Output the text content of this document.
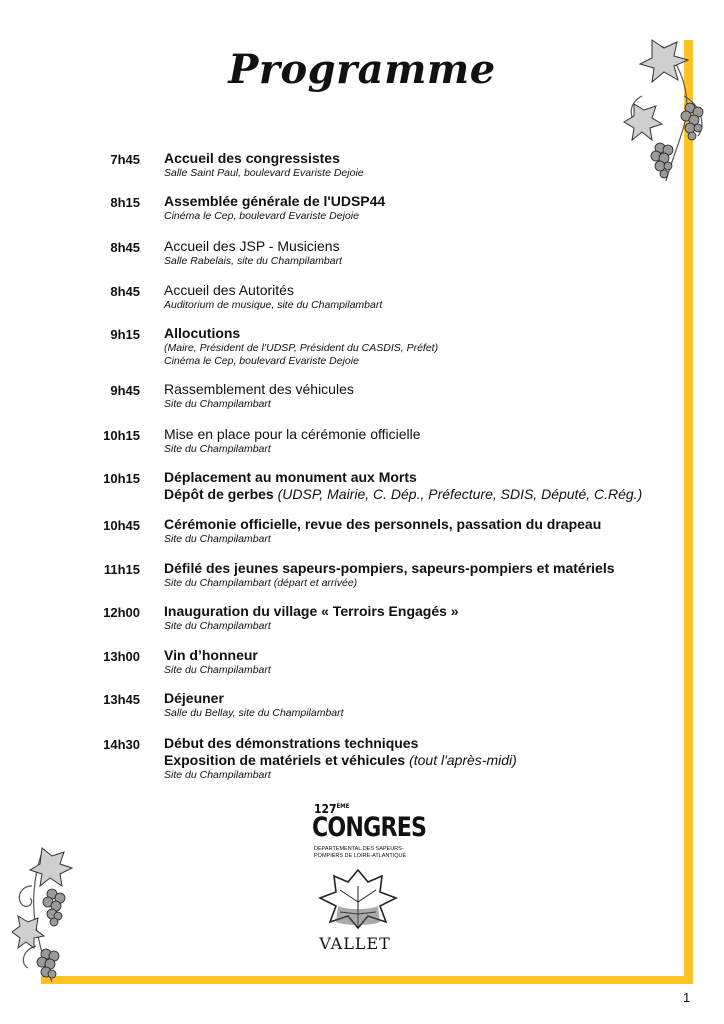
Programme
7h45	Accueil des congressistes
Salle Saint Paul, boulevard Evariste Dejoie
8h15	Assemblée générale de l'UDSP44
Cinéma le Cep, boulevard Evariste Dejoie
8h45	Accueil des JSP - Musiciens
Salle Rabelais, site du Champilambart
8h45	Accueil des Autorités
Auditorium de musique, site du Champilambart
9h15	Allocutions
(Maire, Président de l’UDSP, Président du CASDIS, Préfet)
Cinéma le Cep, boulevard Evariste Dejoie
9h45	Rassemblement des véhicules
Site du Champilambart
10h15	Mise en place pour la cérémonie officielle
Site du Champilambart
10h15	Déplacement au monument aux Morts
Dépôt de gerbes (UDSP, Mairie, C. Dép., Préfecture, SDIS, Député, C.Rég.)
10h45	Cérémonie officielle, revue des personnels, passation du drapeau
Site du Champilambart
11h15	Défilé des jeunes sapeurs-pompiers, sapeurs-pompiers et matériels
Site du Champilambart (départ et arrivée)
12h00	Inauguration du village « Terroirs Engagés »
Site du Champilambart
13h00	Vin d’honneur
Site du Champilambart
13h45	Déjeuner
Salle du Bellay, site du Champilambart
14h30	Début des démonstrations techniques
Exposition de matériels et véhicules (tout l'après-midi)
Site du Champilambart
127ÈME
CONGRES
DEPARTEMENTAL DES SAPEURS-POMPIERS DE LOIRE-ATLANTIQUE
VALLET
1
